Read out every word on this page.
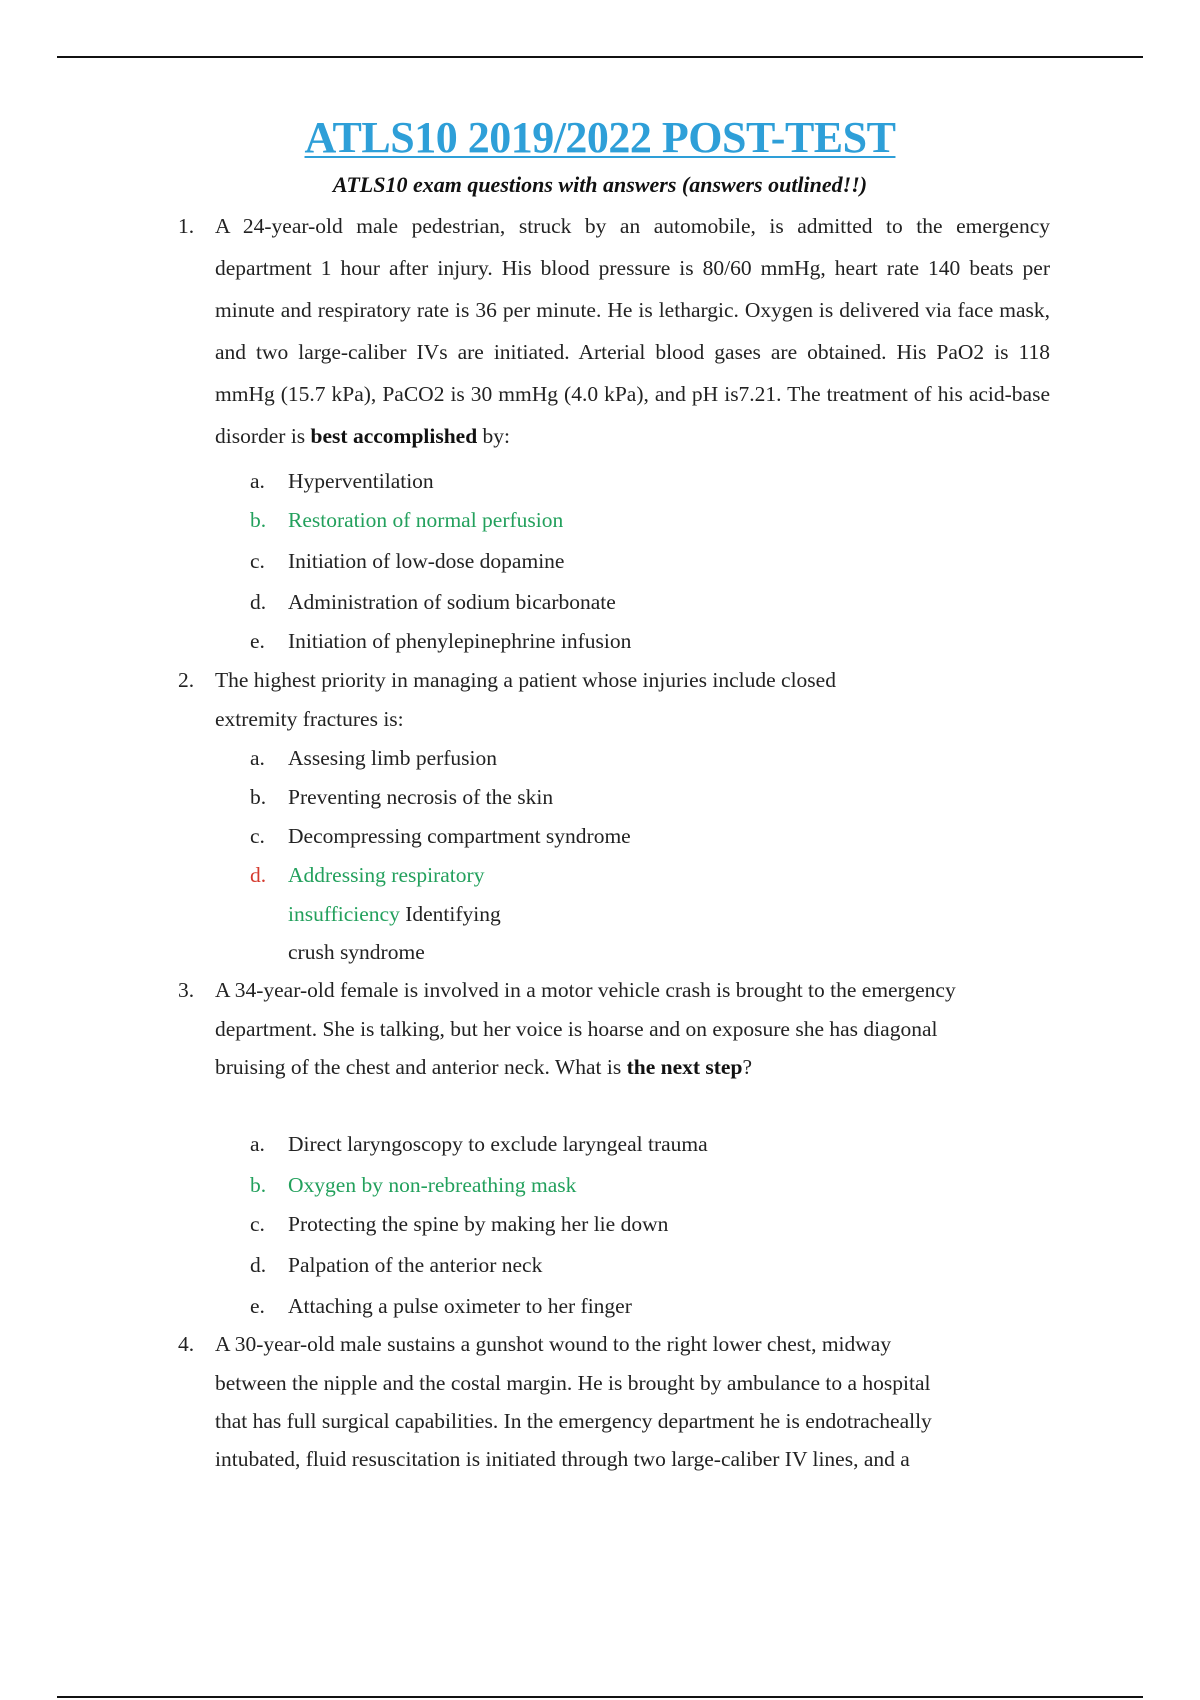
ATLS10 2019/2022 POST-TEST
ATLS10 exam questions with answers (answers outlined!!)
1. A 24-year-old male pedestrian, struck by an automobile, is admitted to the emergency department 1 hour after injury. His blood pressure is 80/60 mmHg, heart rate 140 beats per minute and respiratory rate is 36 per minute. He is lethargic. Oxygen is delivered via face mask, and two large-caliber IVs are initiated. Arterial blood gases are obtained. His PaO2 is 118 mmHg (15.7 kPa), PaCO2 is 30 mmHg (4.0 kPa), and pH is7.21. The treatment of his acid-base disorder is best accomplished by:
a. Hyperventilation
b. Restoration of normal perfusion
c. Initiation of low-dose dopamine
d. Administration of sodium bicarbonate
e. Initiation of phenylepinephrine infusion
2. The highest priority in managing a patient whose injuries include closed
extremity fractures is:
a. Assesing limb perfusion
b. Preventing necrosis of the skin
c. Decompressing compartment syndrome
d. Addressing respiratory
insufficiency Identifying
crush syndrome
3. A 34-year-old female is involved in a motor vehicle crash is brought to the emergency
department. She is talking, but her voice is hoarse and on exposure she has diagonal
bruising of the chest and anterior neck. What is the next step?
a. Direct laryngoscopy to exclude laryngeal trauma
b. Oxygen by non-rebreathing mask
c. Protecting the spine by making her lie down
d. Palpation of the anterior neck
e. Attaching a pulse oximeter to her finger
4. A 30-year-old male sustains a gunshot wound to the right lower chest, midway
between the nipple and the costal margin. He is brought by ambulance to a hospital
that has full surgical capabilities. In the emergency department he is endotracheally
intubated, fluid resuscitation is initiated through two large-caliber IV lines, and a
